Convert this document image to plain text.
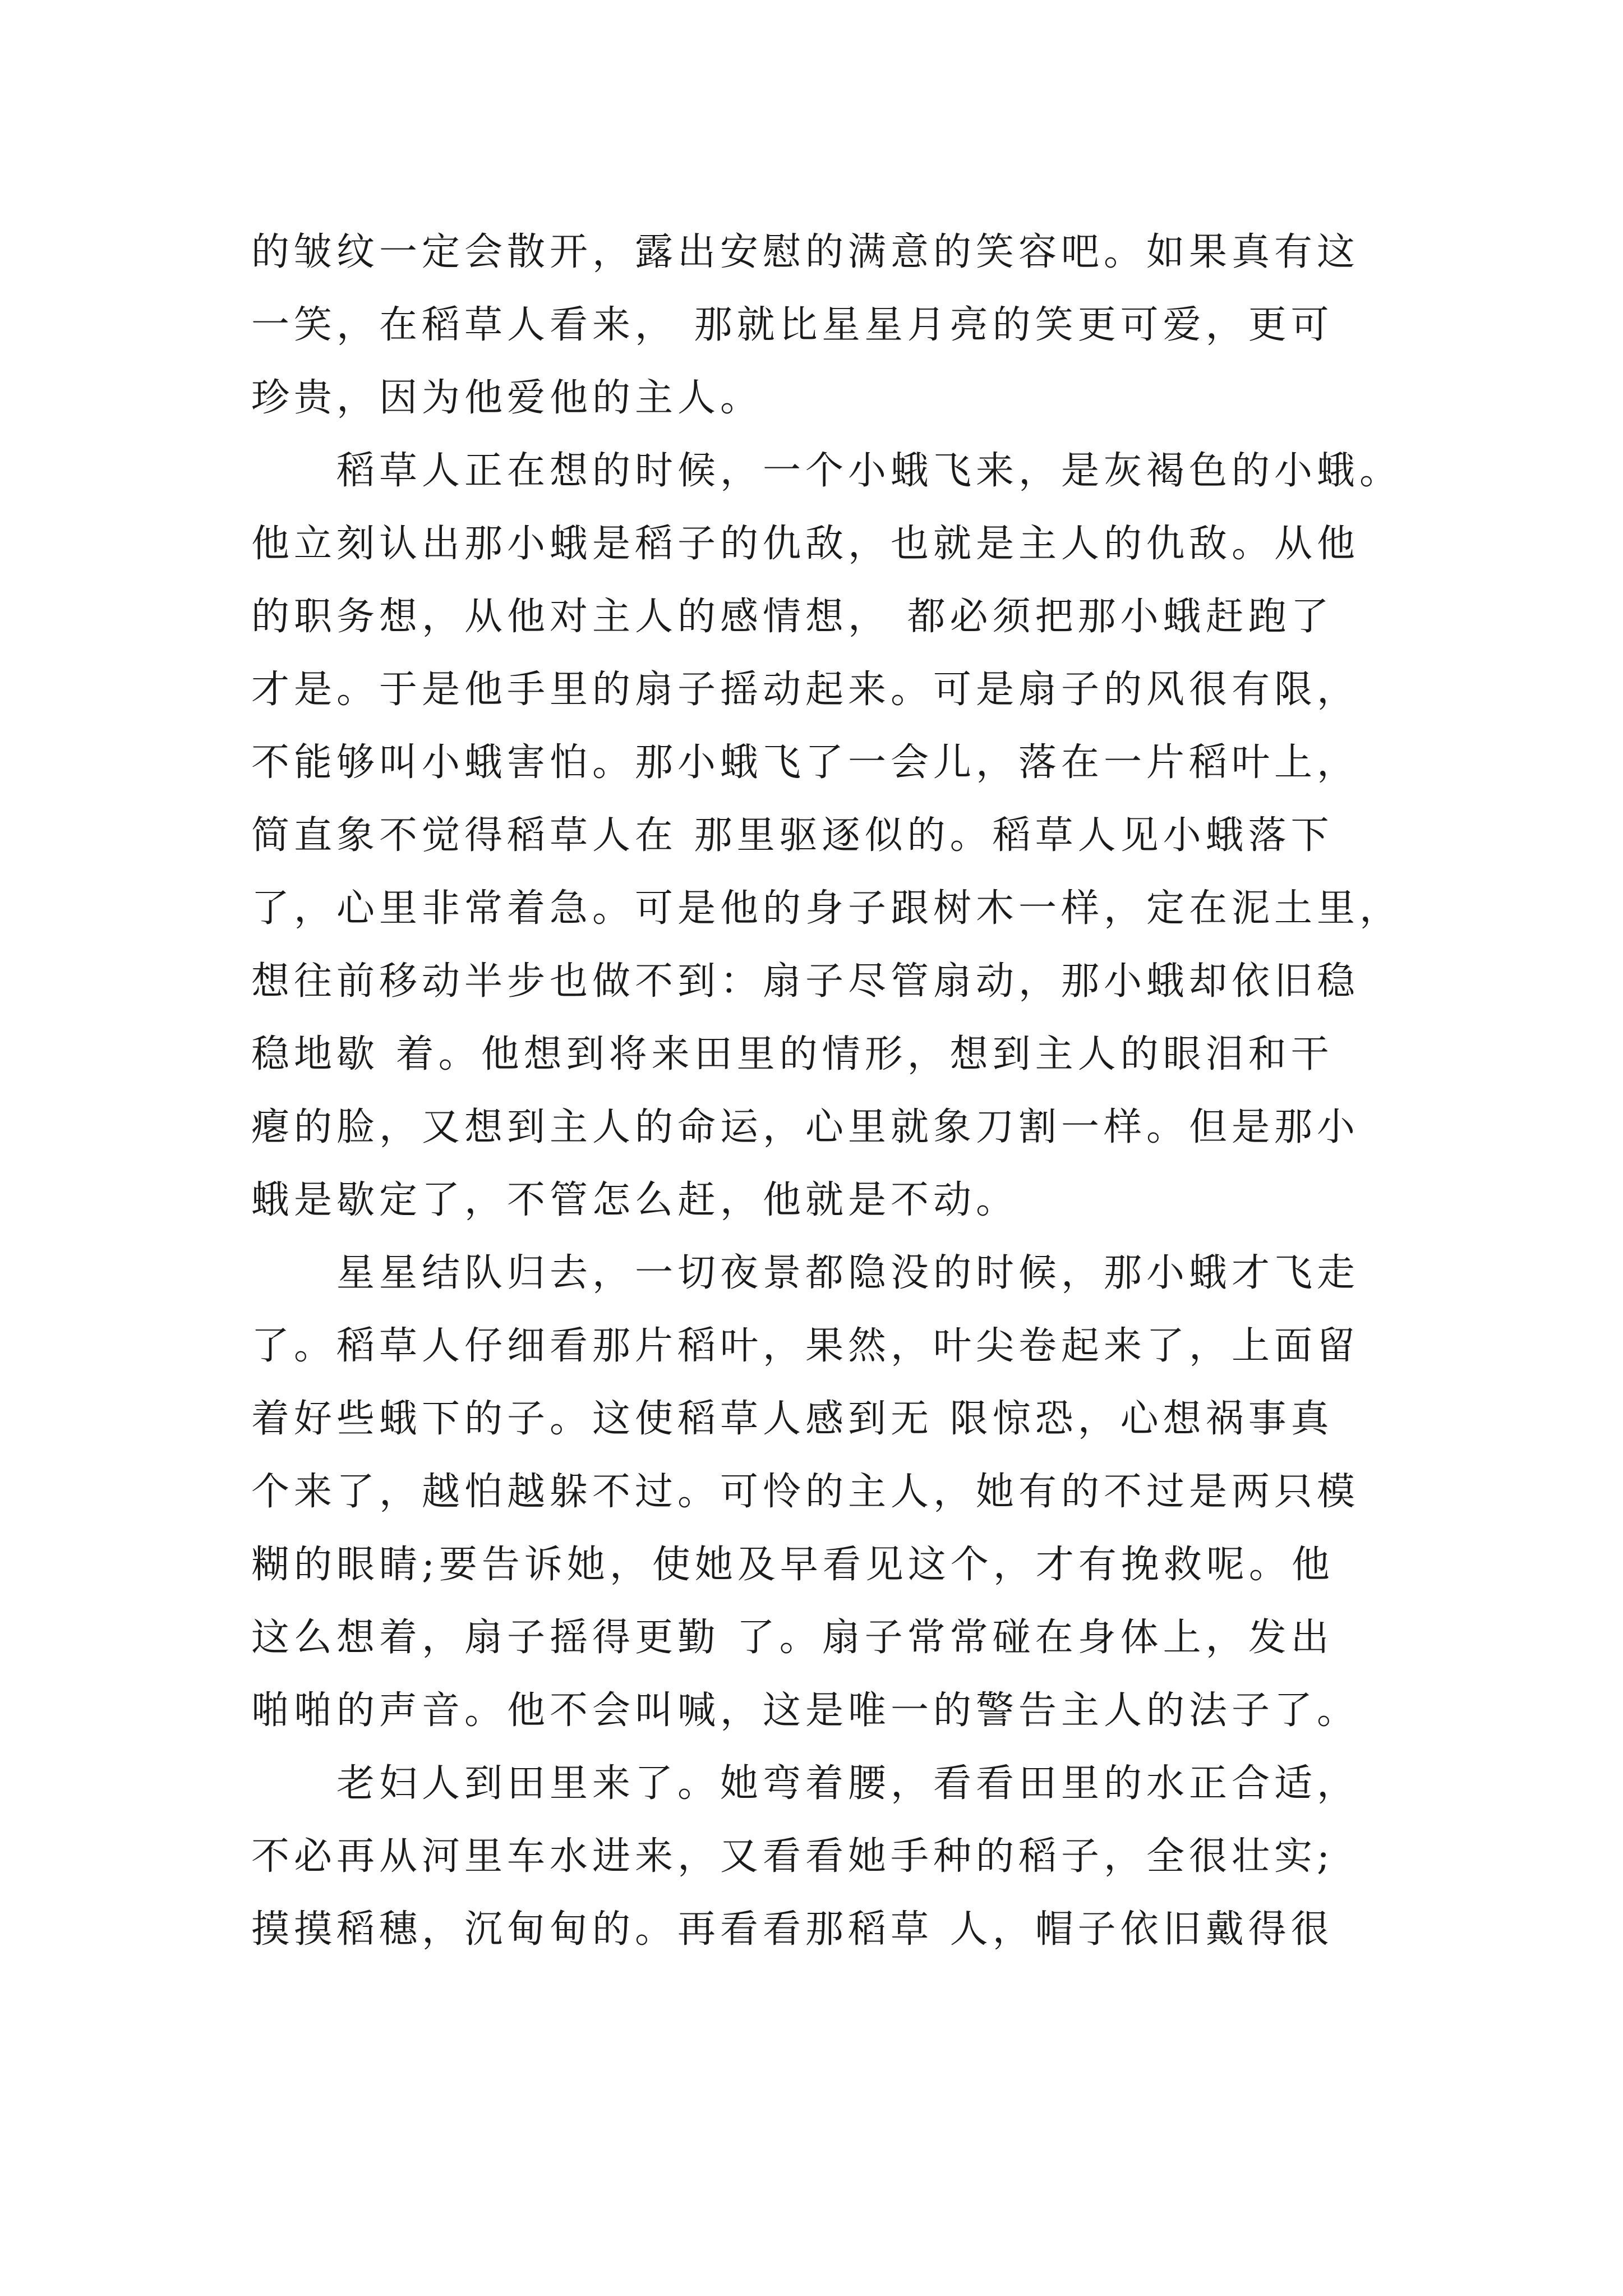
的皱纹一定会散开，露出安慰的满意的笑容吧。如果真有这
一笑，在稻草人看来， 那就比星星月亮的笑更可爱，更可
珍贵，因为他爱他的主人。
　　稻草人正在想的时候，一个小蛾飞来，是灰褐色的小蛾。
他立刻认出那小蛾是稻子的仇敌，也就是主人的仇敌。从他
的职务想，从他对主人的感情想， 都必须把那小蛾赶跑了
才是。于是他手里的扇子摇动起来。可是扇子的风很有限，
不能够叫小蛾害怕。那小蛾飞了一会儿，落在一片稻叶上，
简直象不觉得稻草人在 那里驱逐似的。稻草人见小蛾落下
了，心里非常着急。可是他的身子跟树木一样，定在泥土里，
想往前移动半步也做不到：扇子尽管扇动，那小蛾却依旧稳
稳地歇 着。他想到将来田里的情形，想到主人的眼泪和干
瘪的脸，又想到主人的命运，心里就象刀割一样。但是那小
蛾是歇定了，不管怎么赶，他就是不动。
　　星星结队归去，一切夜景都隐没的时候，那小蛾才飞走
了。稻草人仔细看那片稻叶，果然，叶尖卷起来了，上面留
着好些蛾下的子。这使稻草人感到无 限惊恐，心想祸事真
个来了，越怕越躲不过。可怜的主人，她有的不过是两只模
糊的眼睛;要告诉她，使她及早看见这个，才有挽救呢。他
这么想着，扇子摇得更勤 了。扇子常常碰在身体上，发出
啪啪的声音。他不会叫喊，这是唯一的警告主人的法子了。
　　老妇人到田里来了。她弯着腰，看看田里的水正合适，
不必再从河里车水进来，又看看她手种的稻子，全很壮实;
摸摸稻穗，沉甸甸的。再看看那稻草 人，帽子依旧戴得很
